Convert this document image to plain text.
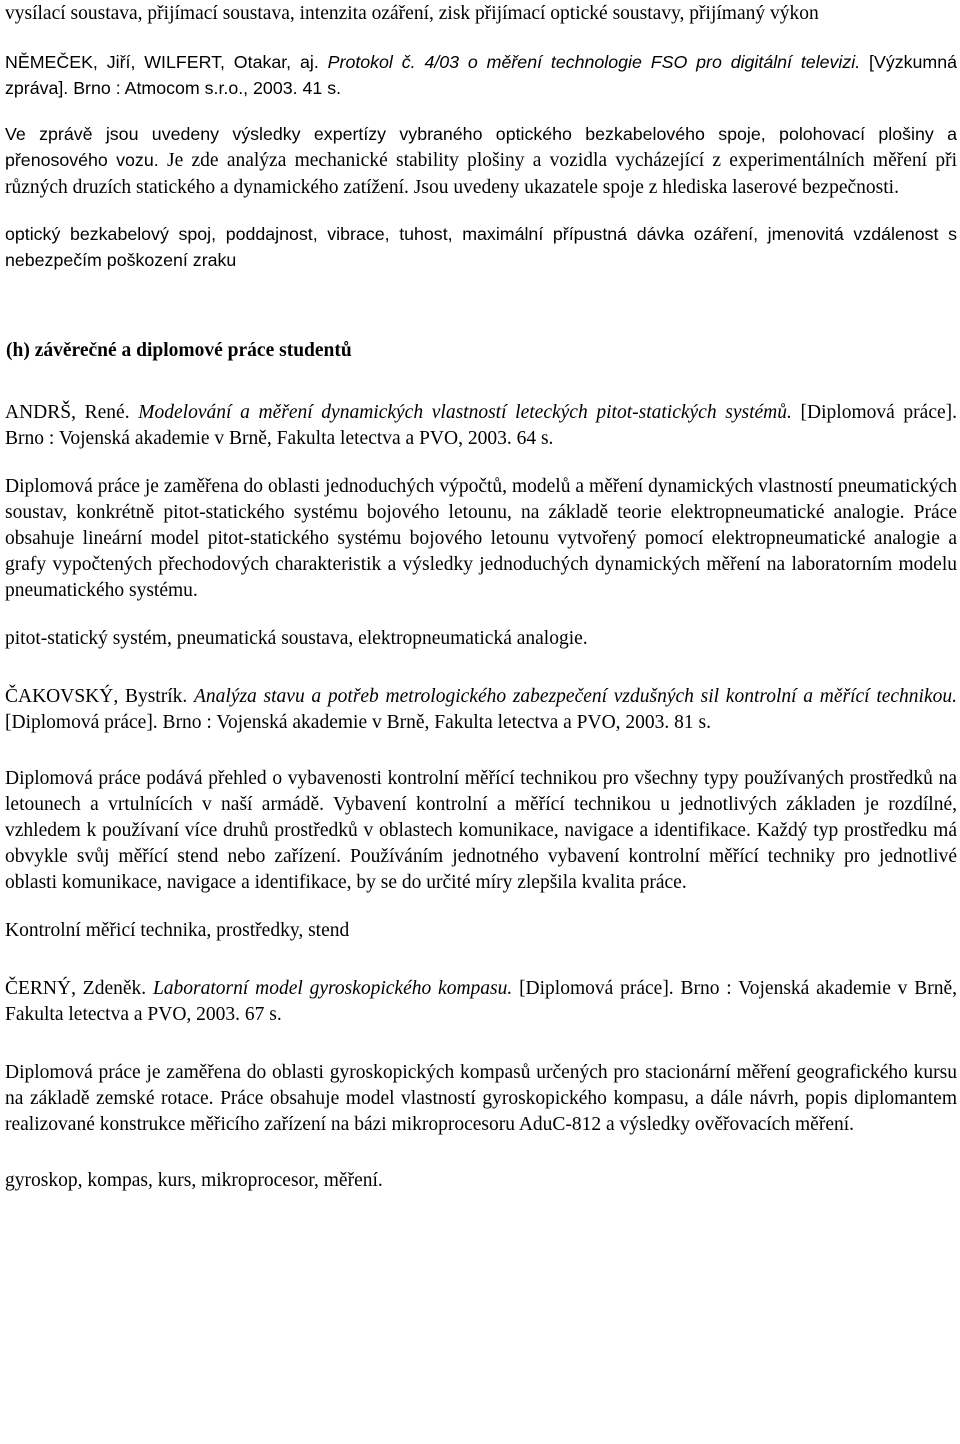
vysílací soustava, přijímací soustava, intenzita ozáření, zisk přijímací optické soustavy, přijímaný výkon

NĚMEČEK, Jiří, WILFERT, Otakar, aj. Protokol č. 4/03 o měření technologie FSO pro digitální televizi. [Výzkumná zpráva]. Brno : Atmocom s.r.o., 2003. 41 s.

Ve zprávě jsou uvedeny výsledky expertízy vybraného optického bezkabelového spoje, polohovací plošiny a přenosového vozu. Je zde analýza mechanické stability plošiny a vozidla vycházející z experimentálních měření při různých druzích statického a dynamického zatížení. Jsou uvedeny ukazatele spoje z hlediska laserové bezpečnosti.

optický bezkabelový spoj, poddajnost, vibrace, tuhost, maximální přípustná dávka ozáření, jmenovitá vzdálenost s nebezpečím poškození zraku

(h) závěrečné a diplomové práce studentů

ANDRŠ, René. Modelování a měření dynamických vlastností leteckých pitot-statických systémů. [Diplomová práce]. Brno : Vojenská akademie v Brně, Fakulta letectva a PVO, 2003. 64 s.

Diplomová práce je zaměřena do oblasti jednoduchých výpočtů, modelů a měření dynamických vlastností pneumatických soustav, konkrétně pitot-statického systému bojového letounu, na základě teorie elektropneumatické analogie. Práce obsahuje lineární model pitot-statického systému bojového letounu vytvořený pomocí elektropneumatické analogie a grafy vypočtených přechodových charakteristik a výsledky jednoduchých dynamických měření na laboratorním modelu pneumatického systému.

pitot-statický systém, pneumatická soustava, elektropneumatická analogie.

ČAKOVSKÝ, Bystrík. Analýza stavu a potřeb metrologického zabezpečení vzdušných sil kontrolní a měřící technikou. [Diplomová práce]. Brno : Vojenská akademie v Brně, Fakulta letectva a PVO, 2003. 81 s.

Diplomová práce podává přehled o vybavenosti kontrolní měřící technikou pro všechny typy používaných prostředků na letounech a vrtulnících v naší armádě. Vybavení kontrolní a měřící technikou u jednotlivých základen je rozdílné, vzhledem k používaní více druhů prostředků v oblastech komunikace, navigace a identifikace. Každý typ prostředku má obvykle svůj měřící stend nebo zařízení. Používáním jednotného vybavení kontrolní měřící techniky pro jednotlivé oblasti komunikace, navigace a identifikace, by se do určité míry zlepšila kvalita práce.

Kontrolní měřicí technika, prostředky, stend

ČERNÝ, Zdeněk. Laboratorní model gyroskopického kompasu. [Diplomová práce]. Brno : Vojenská akademie v Brně, Fakulta letectva a PVO, 2003. 67 s.

Diplomová práce je zaměřena do oblasti gyroskopických kompasů určených pro stacionární měření geografického kursu na základě zemské rotace. Práce obsahuje model vlastností gyroskopického kompasu, a dále návrh, popis diplomantem realizované konstrukce měřicího zařízení na bázi mikroprocesoru AduC-812 a výsledky ověřovacích měření.

gyroskop, kompas, kurs, mikroprocesor, měření.
